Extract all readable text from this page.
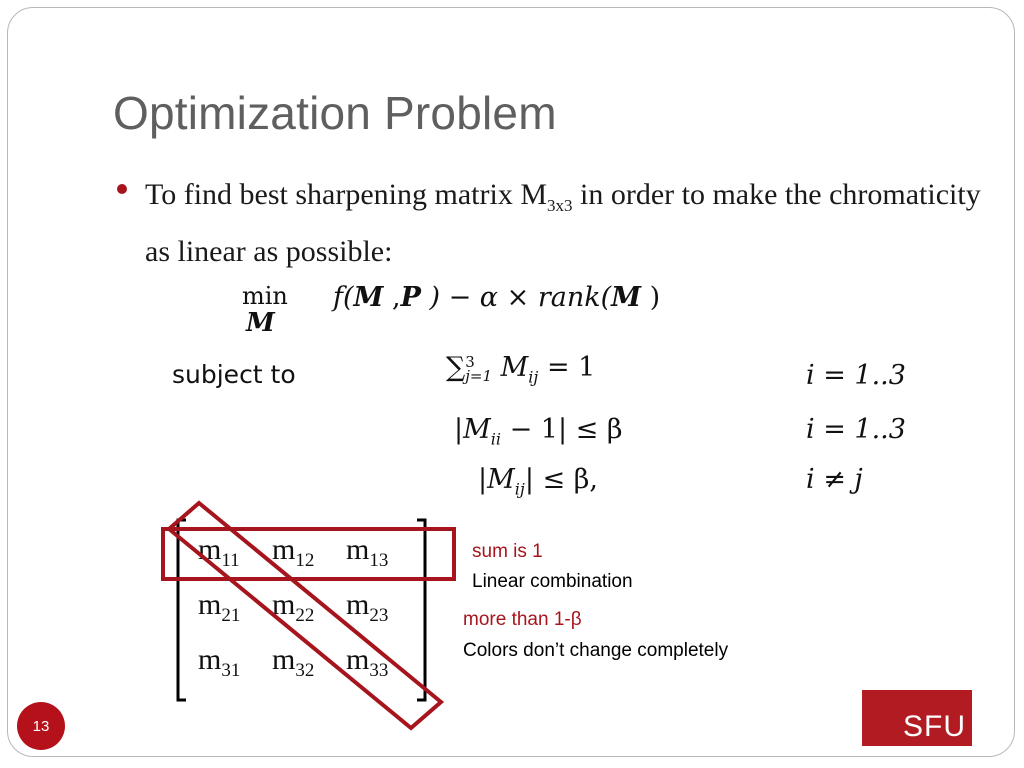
Optimization Problem
To find best sharpening matrix $M_{3x3}$ in order to make the chromaticity as linear as possible:
min
M
f(M ,P ) − α × rank(M )
subject to	∑3
j=1 $M_{ij} = 1$	i = 1..3
$|M_{ii} - 1| \le \beta$	i = 1..3
$|M_{ij}| \le \beta$,	i ≠ j
$m_{11}$ $m_{12}$ $m_{13}$
$m_{21}$ $m_{22}$ $m_{23}$
$m_{31}$ $m_{32}$ $m_{33}$
sum is 1
Linear combination
more than 1-β
Colors don’t change completely
13	SFU
